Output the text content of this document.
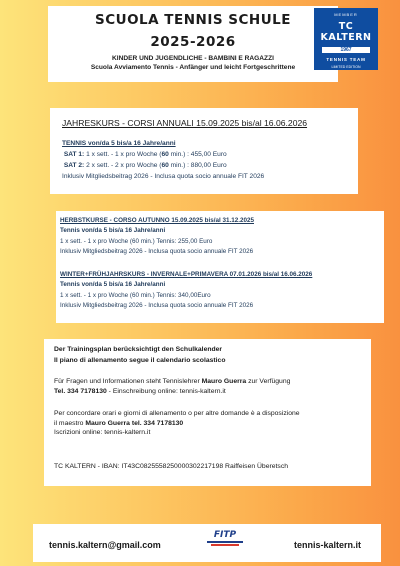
SCUOLA TENNIS SCHULE
2025-2026
KINDER UND JUGENDLICHE - BAMBINI E RAGAZZI
Scuola Avviamento Tennis - Anfänger und leicht Fortgeschrittene
MEMBER
TC KALTERN
1967
TENNIS TEAM
LIMITED EDITION
JAHRESKURS - CORSI ANNUALI 15.09.2025 bis/al 16.06.2026
TENNIS von/da 5 bis/a 16 Jahre/anni
SAT 1: 1 x sett. - 1 x pro Woche (60 min.) : 455,00 Euro
SAT 2: 2 x sett. - 2 x pro Woche (60 min.) : 880,00 Euro
Inklusiv Mitgliedsbeitrag 2026 - Inclusa quota socio annuale FIT 2026
HERBSTKURSE - CORSO AUTUNNO 15.09.2025 bis/al 31.12.2025
Tennis von/da 5 bis/a 16 Jahre/anni
1 x sett. - 1 x pro Woche (60 min.) Tennis: 255,00 Euro
Inklusiv Mitgliedsbeitrag 2026 - Inclusa quota socio annuale FIT 2026
WINTER+FRÜHJAHRSKURS - INVERNALE+PRIMAVERA 07.01.2026 bis/al 16.06.2026
Tennis von/da 5 bis/a 16 Jahre/anni
1 x sett. - 1 x pro Woche (60 min.) Tennis: 340,00Euro
Inklusiv Mitgliedsbeitrag 2026 - Inclusa quota socio annuale FIT 2026
Der Trainingsplan berücksichtigt den Schulkalender
Il piano di allenamento segue il calendario scolastico
Für Fragen und Informationen steht Tennislehrer Mauro Guerra zur Verfügung
Tel. 334 7178130 - Einschreibung online: tennis-kaltern.it
Per concordare orari e giorni di allenamento o per altre domande è a disposizione
il maestro Mauro Guerra tel. 334 7178130
Iscrizioni online: tennis-kaltern.it
TC KALTERN - IBAN: IT43C0825558250000302217198 Raiffeisen Überetsch
tennis.kaltern@gmail.com
FITP
tennis-kaltern.it
